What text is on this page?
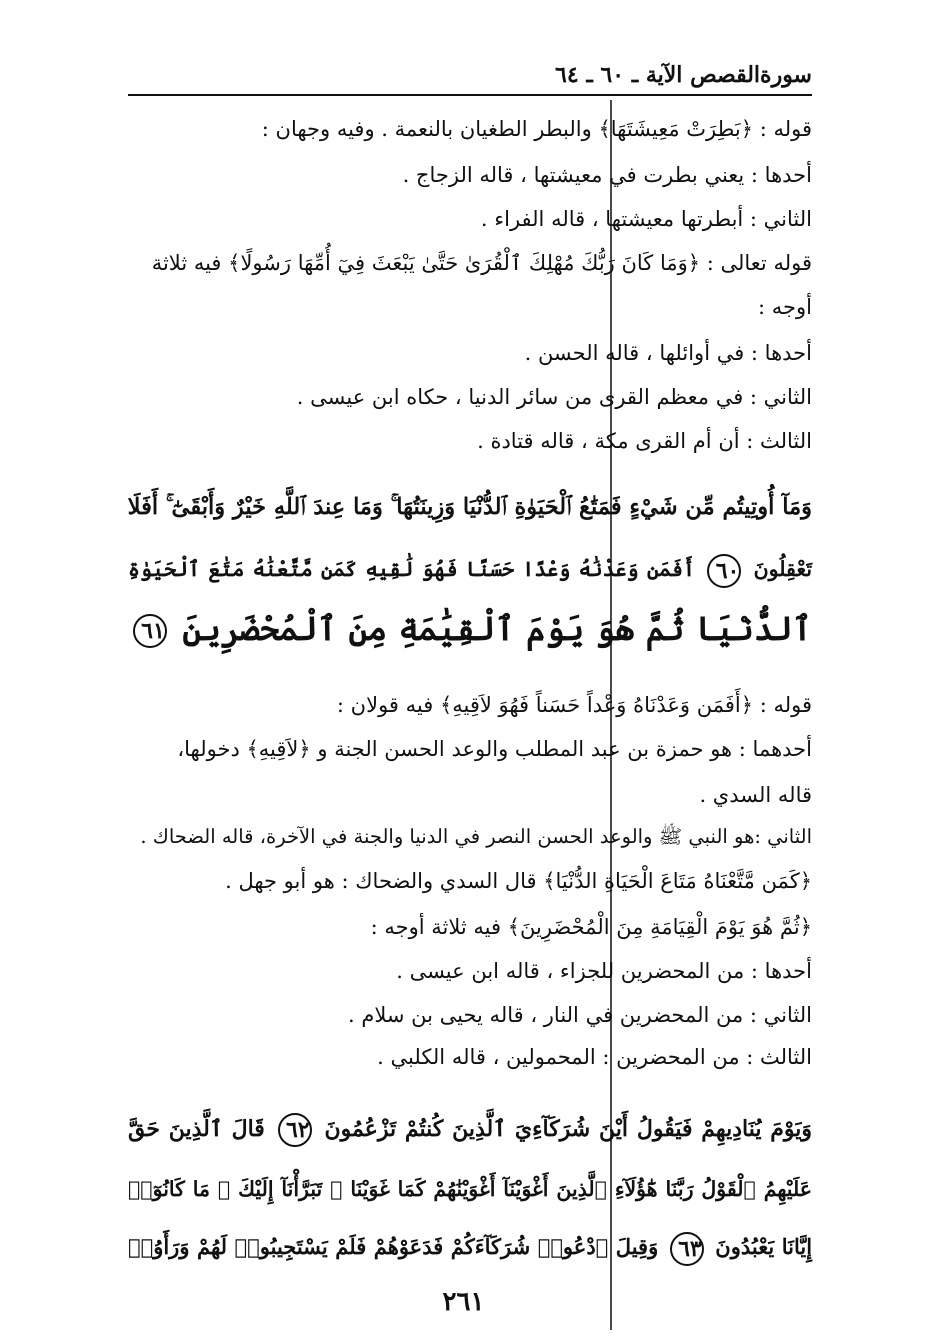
سورةالقصص الآية ـ ٦٠ ـ ٦٤
قوله : ﴿بَطِرَتْ مَعِيشَتَهَا﴾ والبطر الطغيان بالنعمة . وفيه وجهان :
أحدها : يعني بطرت في معيشتها ، قاله الزجاج .
الثاني : أبطرتها معيشتها ، قاله الفراء .
قوله تعالى : ﴿وَمَا كَانَ رَبُّكَ مُهْلِكَ ٱلْقُرَىٰ حَتَّىٰ يَبْعَثَ فِيٓ أُمِّهَا رَسُولًا﴾ فيه ثلاثة
أوجه :
أحدها : في أوائلها ، قاله الحسن .
الثاني : في معظم القرى من سائر الدنيا ، حكاه ابن عيسى .
الثالث : أن أم القرى مكة ، قاله قتادة .
وَمَآ أُوتِيتُم مِّن شَيْءٍ فَمَتَٰعُ ٱلْحَيَوٰةِ ٱلدُّنْيَا وَزِينَتُهَا ۚ وَمَا عِندَ ٱللَّهِ خَيْرٌ وَأَبْقَىٰٓ ۚ أَفَلَا
تَعْقِلُونَ ٦٠ أَفَمَن وَعَدْنَٰهُ وَعْدًا حَسَنًا فَهُوَ لَٰقِيهِ كَمَن مَّتَّعْنَٰهُ مَتَٰعَ ٱلْحَيَوٰةِ
ٱلدُّنْيَا ثُمَّ هُوَ يَوْمَ ٱلْقِيَٰمَةِ مِنَ ٱلْمُحْضَرِينَ ٦١
قوله : ﴿أَفَمَن وَعَدْنَاهُ وَعْداً حَسَناً فَهُوَ لاَقِيهِ﴾ فيه قولان :
أحدهما : هو حمزة بن عبد المطلب والوعد الحسن الجنة و ﴿لاَقِيهِ﴾ دخولها،
قاله السدي .
الثاني :هو النبي ﷺ والوعد الحسن النصر في الدنيا والجنة في الآخرة، قاله الضحاك .
﴿كَمَن مَّتَّعْنَاهُ مَتَاعَ الْحَيَاةِ الدُّنْيَا﴾ قال السدي والضحاك : هو أبو جهل .
﴿ثُمَّ هُوَ يَوْمَ الْقِيَامَةِ مِنَ الْمُحْضَرِينَ﴾ فيه ثلاثة أوجه :
أحدها : من المحضرين للجزاء ، قاله ابن عيسى .
الثاني : من المحضرين في النار ، قاله يحيى بن سلام .
الثالث : من المحضرين : المحمولين ، قاله الكلبي .
وَيَوْمَ يُنَادِيهِمْ فَيَقُولُ أَيْنَ شُرَكَآءِيَ ٱلَّذِينَ كُنتُمْ تَزْعُمُونَ ٦٢ قَالَ ٱلَّذِينَ حَقَّ
عَلَيْهِمُ ٱلْقَوْلُ رَبَّنَا هَٰٓؤُلَآءِ ٱلَّذِينَ أَغْوَيْنَآ أَغْوَيْنَٰهُمْ كَمَا غَوَيْنَا ۖ تَبَرَّأْنَآ إِلَيْكَ ۖ مَا كَانُوٓا۟
إِيَّانَا يَعْبُدُونَ ٦٣ وَقِيلَ ٱدْعُوا۟ شُرَكَآءَكُمْ فَدَعَوْهُمْ فَلَمْ يَسْتَجِيبُوا۟ لَهُمْ وَرَأَوُا۟
٢٦١
